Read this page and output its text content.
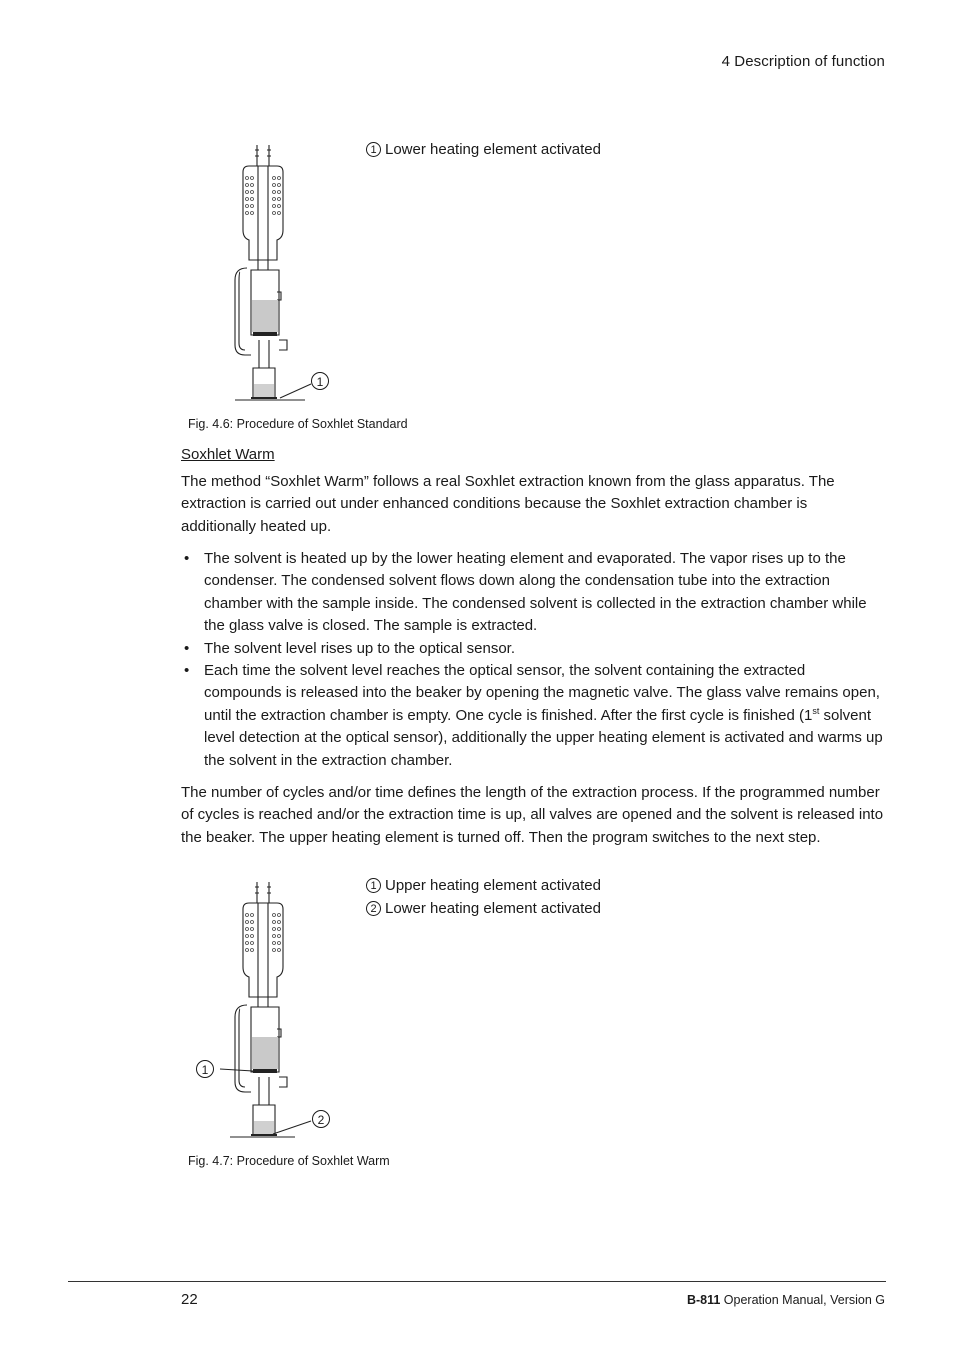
4 Description of function
1
1 Lower heating element activated
Fig. 4.6: Procedure of Soxhlet Standard
Soxhlet Warm
The method “Soxhlet Warm” follows a real Soxhlet extraction known from the glass apparatus. The extraction is carried out under enhanced conditions because the Soxhlet extraction chamber is additionally heated up.
• The solvent is heated up by the lower heating element and evaporated. The vapor rises up to the condenser. The condensed solvent flows down along the condensation tube into the extraction chamber with the sample inside. The condensed solvent is collected in the extraction chamber while the glass valve is closed. The sample is extracted.
• The solvent level rises up to the optical sensor.
• Each time the solvent level reaches the optical sensor, the solvent containing the extracted compounds is released into the beaker by opening the magnetic valve. The glass valve remains open, until the extraction chamber is empty. One cycle is finished. After the first cycle is finished (1st solvent level detection at the optical sensor), additionally the upper heating element is activated and warms up the solvent in the extraction chamber.
The number of cycles and/or time defines the length of the extraction process. If the programmed number of cycles is reached and/or the extraction time is up, all valves are opened and the solvent is released into the beaker. The upper heating element is turned off. Then the program switches to the next step.
1 Upper heating element activated
2 Lower heating element activated
1
2
Fig. 4.7: Procedure of Soxhlet Warm
22	B-811 Operation Manual, Version G
